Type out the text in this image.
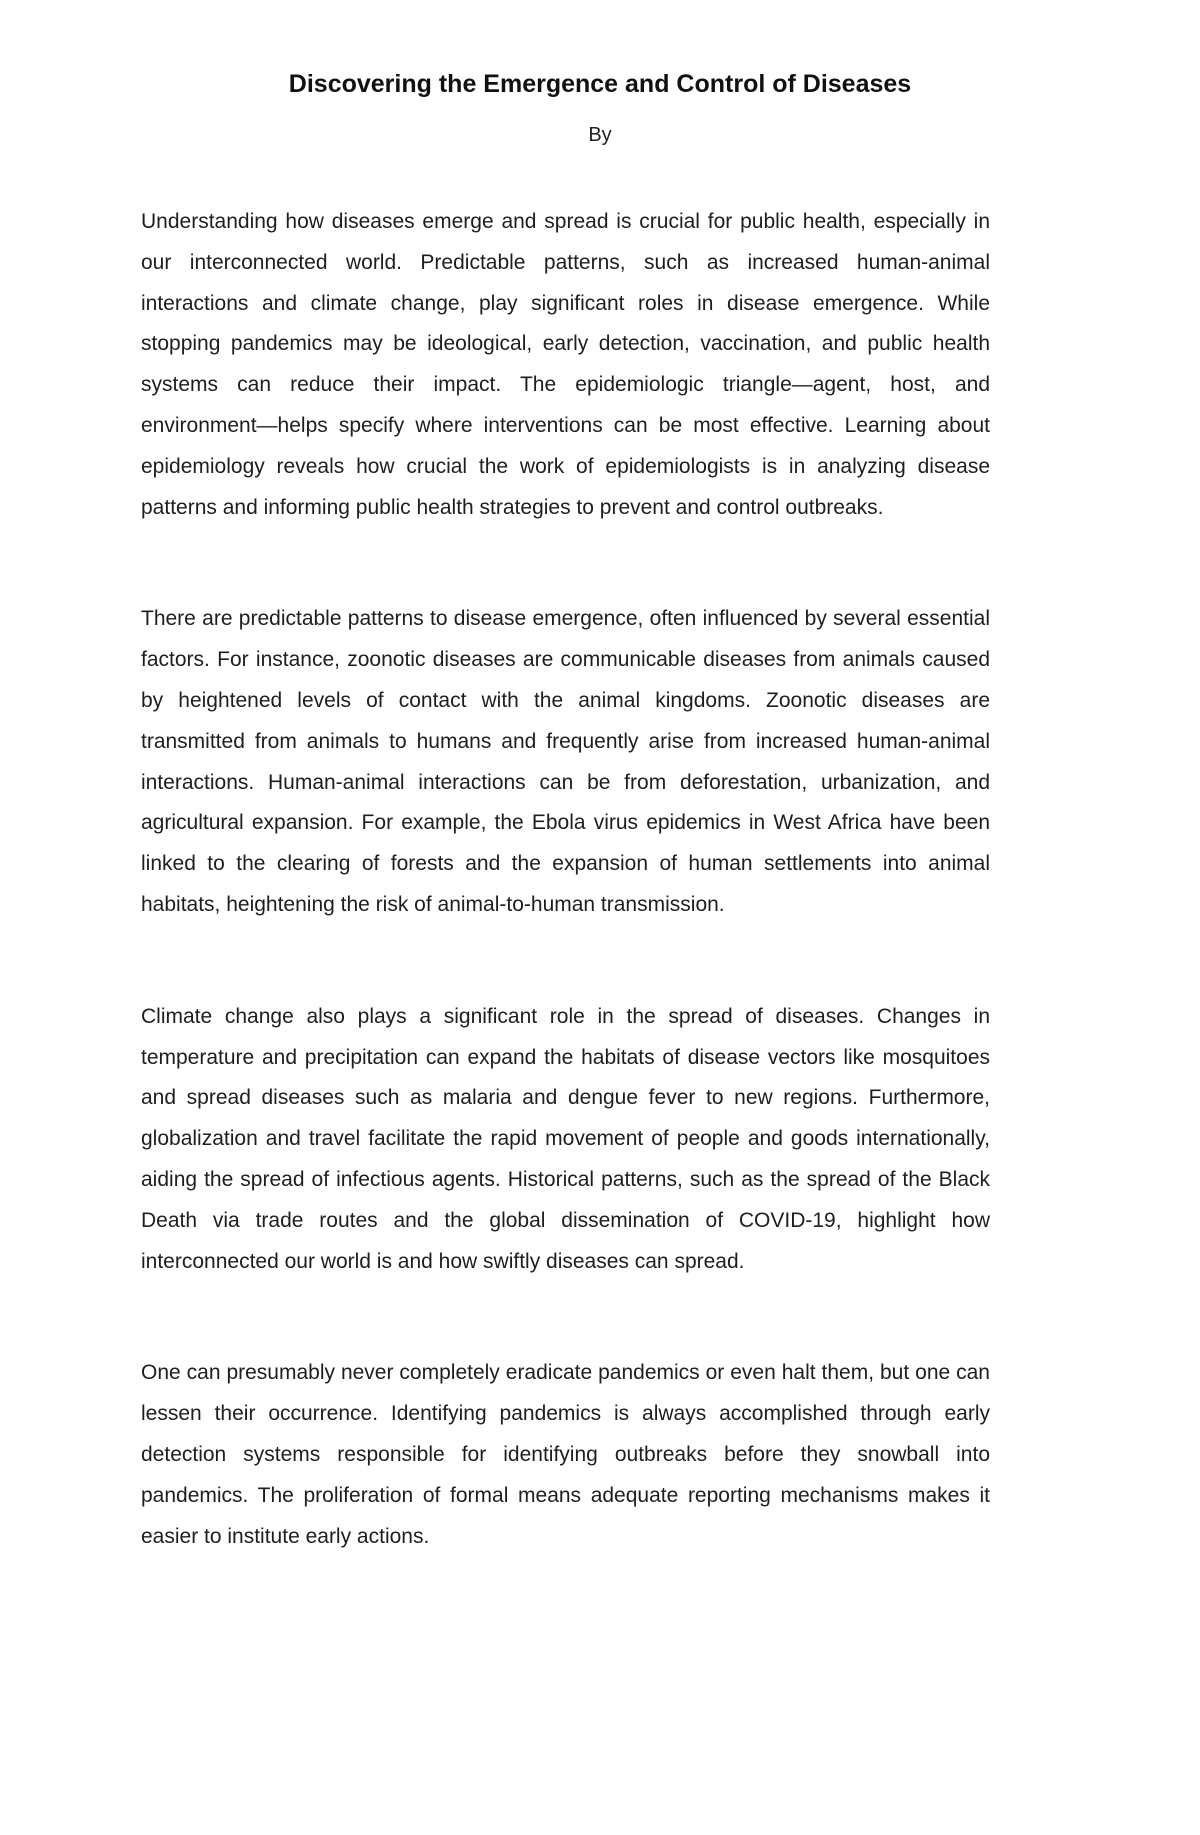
Discovering the Emergence and Control of Diseases
By

Understanding how diseases emerge and spread is crucial for public health, especially in our interconnected world. Predictable patterns, such as increased human-animal interactions and climate change, play significant roles in disease emergence. While stopping pandemics may be ideological, early detection, vaccination, and public health systems can reduce their impact. The epidemiologic triangle—agent, host, and environment—helps specify where interventions can be most effective. Learning about epidemiology reveals how crucial the work of epidemiologists is in analyzing disease patterns and informing public health strategies to prevent and control outbreaks.

There are predictable patterns to disease emergence, often influenced by several essential factors. For instance, zoonotic diseases are communicable diseases from animals caused by heightened levels of contact with the animal kingdoms. Zoonotic diseases are transmitted from animals to humans and frequently arise from increased human-animal interactions. Human-animal interactions can be from deforestation, urbanization, and agricultural expansion. For example, the Ebola virus epidemics in West Africa have been linked to the clearing of forests and the expansion of human settlements into animal habitats, heightening the risk of animal-to-human transmission.

Climate change also plays a significant role in the spread of diseases. Changes in temperature and precipitation can expand the habitats of disease vectors like mosquitoes and spread diseases such as malaria and dengue fever to new regions. Furthermore, globalization and travel facilitate the rapid movement of people and goods internationally, aiding the spread of infectious agents. Historical patterns, such as the spread of the Black Death via trade routes and the global dissemination of COVID-19, highlight how interconnected our world is and how swiftly diseases can spread.

One can presumably never completely eradicate pandemics or even halt them, but one can lessen their occurrence. Identifying pandemics is always accomplished through early detection systems responsible for identifying outbreaks before they snowball into pandemics. The proliferation of formal means adequate reporting mechanisms makes it easier to institute early actions.
